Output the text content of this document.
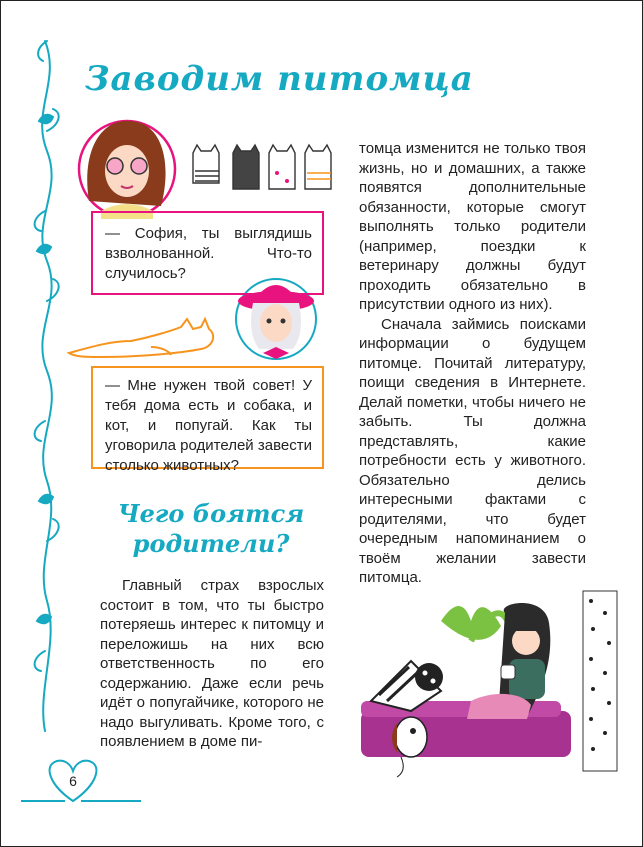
Заводим питомца
— София, ты выглядишь взволнованной. Что-то случилось?
— Мне нужен твой совет! У тебя дома есть и собака, и кот, и попугай. Как ты уговорила родителей завести столько животных?
Чего боятся родители?

Главный страх взрослых состоит в том, что ты быстро потеряешь интерес к питомцу и переложишь на них всю ответственность по его содержанию. Даже если речь идёт о попугайчике, которого не надо выгуливать. Кроме того, с появлением в доме пи-

томца изменится не только твоя жизнь, но и домашних, а также появятся дополнительные обязанности, которые смогут выполнять только родители (например, поездки к ветеринару должны будут проходить обязательно в присутствии одного из них).

Сначала займись поисками информации о будущем питомце. Почитай литературу, поищи сведения в Интернете. Делай пометки, чтобы ничего не забыть. Ты должна представлять, какие потребности есть у животного. Обязательно делись интересными фактами с родителями, что будет очередным напоминанием о твоём желании завести питомца.

6
